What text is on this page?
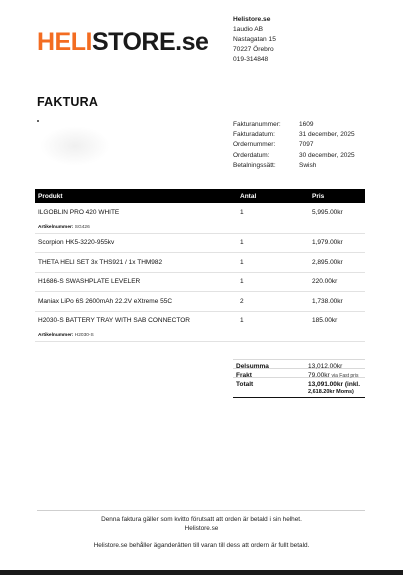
HELISTORE.se
Helistore.se
1audio AB
Nastagatan 15
70227 Örebro
019-314848
FAKTURA
Fakturanummer:	1609
Fakturadatum:	31 december, 2025
Ordernummer:	7097
Orderdatum:	30 december, 2025
Betalningssätt:	Swish
Produkt	Antal	Pris
ILGOBLIN PRO 420 WHITE	1	5,995.00kr
Artikelnummer: SG426		
Scorpion HK5-3220-955kv	1	1,979.00kr
THETA HELI SET 3x THS921 / 1x THM982	1	2,895.00kr
H1686-S SWASHPLATE LEVELER	1	220.00kr
Maniax LiPo 6S 2600mAh 22.2V eXtreme 55C	2	1,738.00kr
H2030-S BATTERY TRAY WITH SAB CONNECTOR	1	185.00kr
Artikelnummer: H2030-S		
Delsumma	13,012.00kr
Frakt	79.00kr via Fast pris
Totalt	13,091.00kr (inkl.
2,618.20kr Moms)
Denna faktura gäller som kvitto förutsatt att orden är betald i sin helhet.
Helistore.se
Helistore.se behåller äganderätten till varan till dess att ordern är fullt betald.
